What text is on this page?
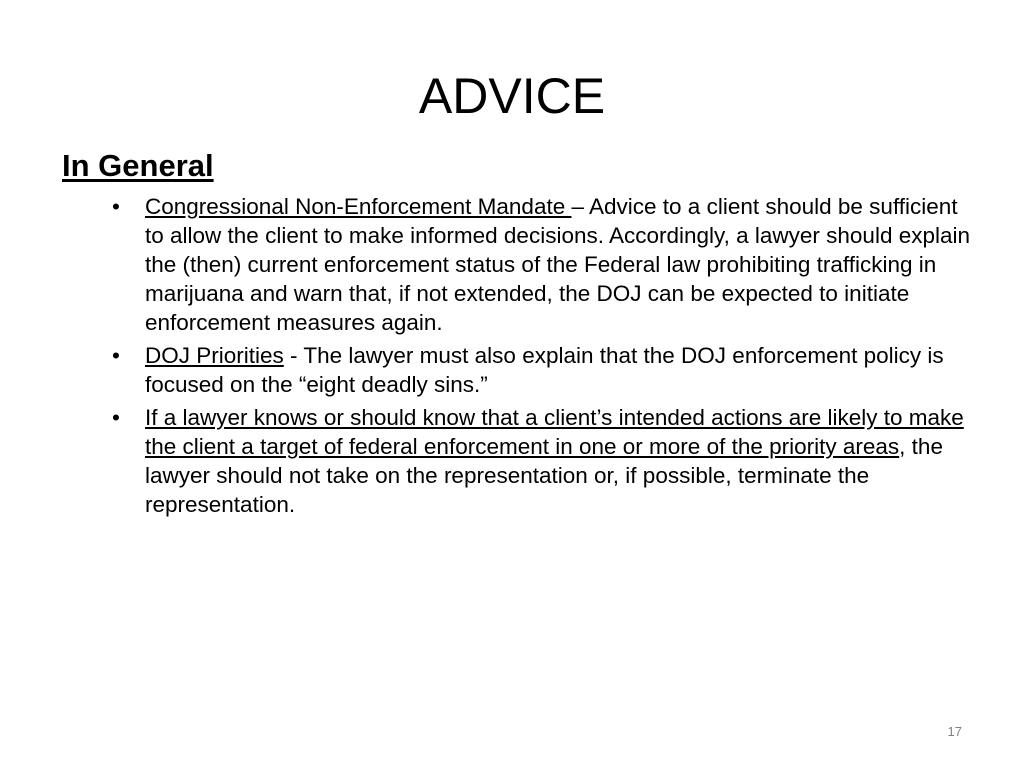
ADVICE
In General
• Congressional Non-Enforcement Mandate – Advice to a client should be sufficient to allow the client to make informed decisions. Accordingly, a lawyer should explain the (then) current enforcement status of the Federal law prohibiting trafficking in marijuana and warn that, if not extended, the DOJ can be expected to initiate enforcement measures again.
• DOJ Priorities - The lawyer must also explain that the DOJ enforcement policy is focused on the “eight deadly sins.”
• If a lawyer knows or should know that a client’s intended actions are likely to make the client a target of federal enforcement in one or more of the priority areas, the lawyer should not take on the representation or, if possible, terminate the representation.
17
